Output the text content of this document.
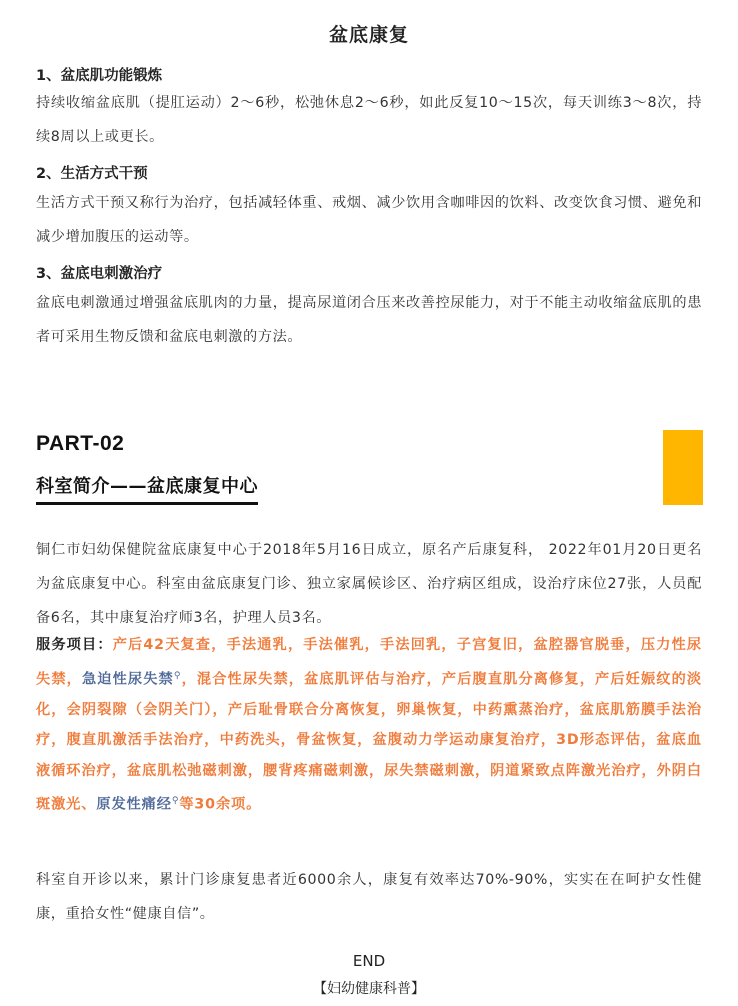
盆底康复
1、盆底肌功能锻炼
持续收缩盆底肌（提肛运动）2～6秒，松弛休息2～6秒，如此反复10～15次，每天训练3～8次，持续8周以上或更长。
2、生活方式干预
生活方式干预又称行为治疗，包括减轻体重、戒烟、减少饮用含咖啡因的饮料、改变饮食习惯、避免和减少增加腹压的运动等。
3、盆底电刺激治疗
盆底电刺激通过增强盆底肌肉的力量，提高尿道闭合压来改善控尿能力，对于不能主动收缩盆底肌的患者可采用生物反馈和盆底电刺激的方法。
PART-02
科室简介——盆底康复中心
铜仁市妇幼保健院盆底康复中心于2018年5月16日成立，原名产后康复科， 2022年01月20日更名为盆底康复中心。科室由盆底康复门诊、独立家属候诊区、治疗病区组成，设治疗床位27张，人员配备6名，其中康复治疗师3名，护理人员3名。
服务项目：产后42天复查，手法通乳，手法催乳，手法回乳，子宫复旧，盆腔器官脱垂，压力性尿失禁，急迫性尿失禁⚲，混合性尿失禁，盆底肌评估与治疗，产后腹直肌分离修复，产后妊娠纹的淡化，会阴裂隙（会阴关门），产后耻骨联合分离恢复，卵巢恢复，中药熏蒸治疗，盆底肌筋膜手法治疗，腹直肌激活手法治疗，中药洗头，骨盆恢复，盆腹动力学运动康复治疗，3D形态评估，盆底血液循环治疗，盆底肌松弛磁刺激，腰背疼痛磁刺激，尿失禁磁刺激，阴道紧致点阵激光治疗，外阴白斑激光、原发性痛经⚲等30余项。
科室自开诊以来，累计门诊康复患者近6000余人，康复有效率达70%-90%，实实在在呵护女性健康，重拾女性“健康自信”。
END
【妇幼健康科普】
